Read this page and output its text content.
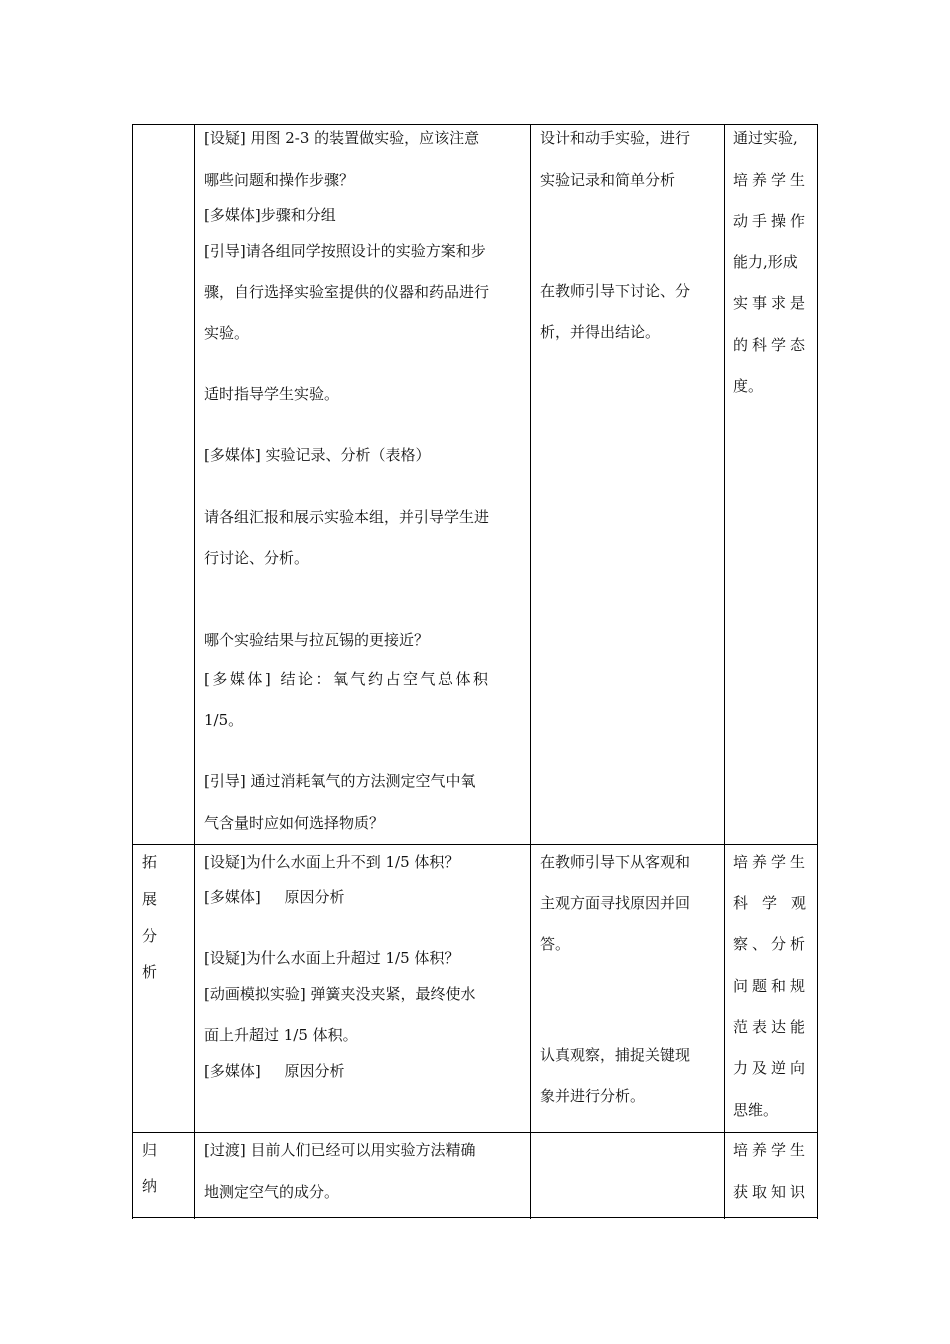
[设疑] 用图 2-3 的装置做实验，应该注意
哪些问题和操作步骤？
[多媒体]步骤和分组
[引导]请各组同学按照设计的实验方案和步
骤，自行选择实验室提供的仪器和药品进行
实验。
适时指导学生实验。
[多媒体] 实验记录、分析（表格）
请各组汇报和展示实验本组，并引导学生进
行讨论、分析。
哪个实验结果与拉瓦锡的更接近？
[多媒体] 结论：氧气约占空气总体积
1/5。
[引导] 通过消耗氧气的方法测定空气中氧
气含量时应如何选择物质？
设计和动手实验，进行
实验记录和简单分析
在教师引导下讨论、分
析，并得出结论。
通过实验,
培养学生
动手操作
能力,形成
实事求是
的科学态
度。
拓
展
分
析
[设疑]为什么水面上升不到 1/5 体积？
[多媒体]     原因分析
[设疑]为什么水面上升超过 1/5 体积？
[动画模拟实验] 弹簧夹没夹紧，最终使水
面上升超过 1/5 体积。
[多媒体]     原因分析
在教师引导下从客观和
主观方面寻找原因并回
答。
认真观察，捕捉关键现
象并进行分析。
培养学生
科学观
察、分析
问题和规
范表达能
力及逆向
思维。
归
纳
[过渡] 目前人们已经可以用实验方法精确
地测定空气的成分。
培养学生
获取知识
